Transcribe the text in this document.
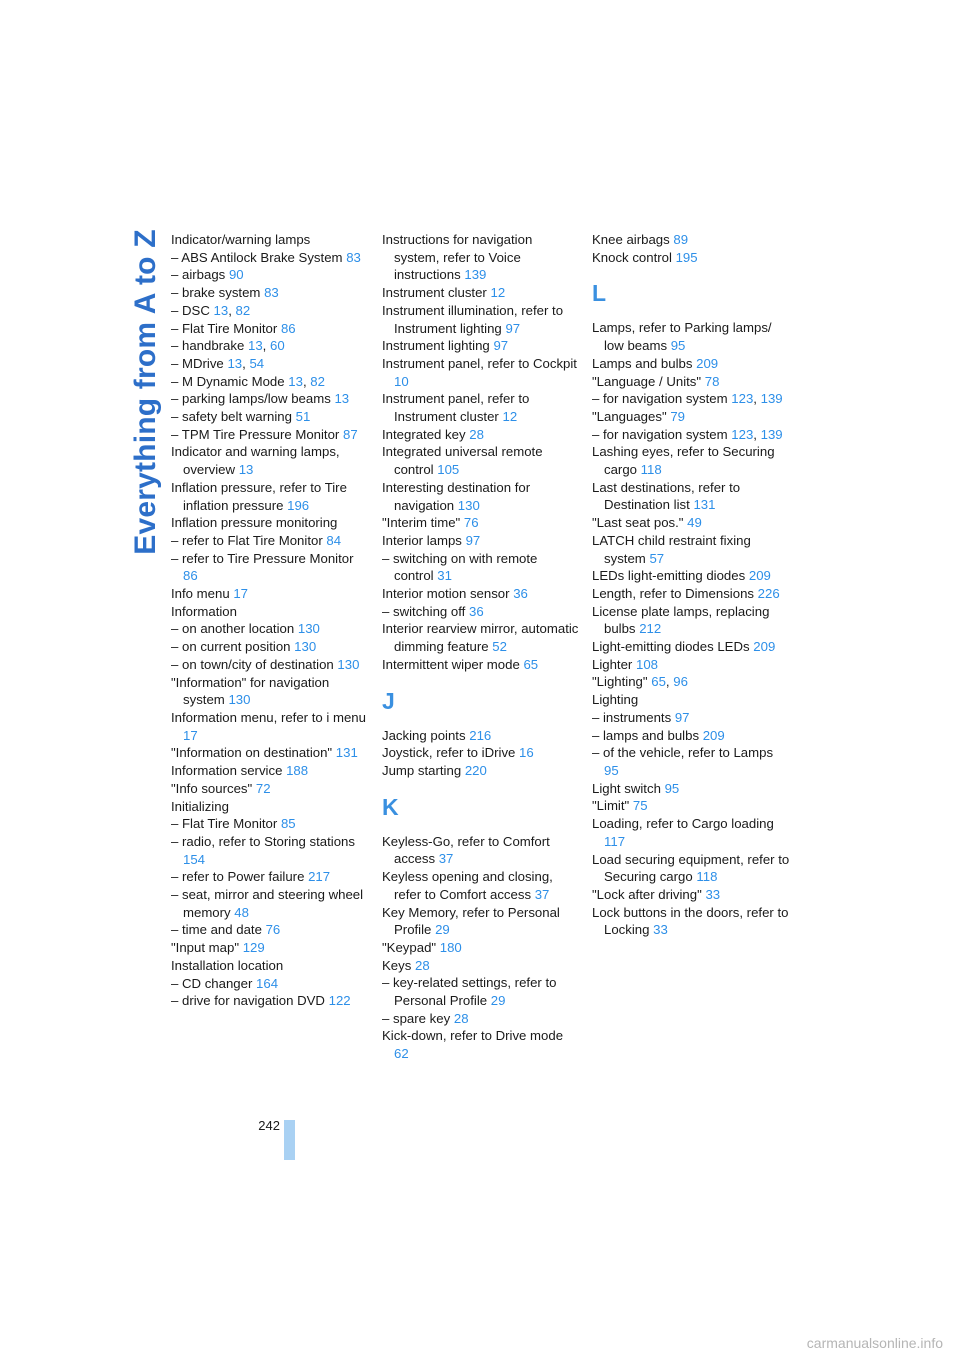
Everything from A to Z Indicator/warning lamps
– ABS Antilock Brake System 83
– airbags 90
– brake system 83
– DSC 13, 82
– Flat Tire Monitor 86
– handbrake 13, 60
– MDrive 13, 54
– M Dynamic Mode 13, 82
– parking lamps/low beams 13
– safety belt warning 51
– TPM Tire Pressure Monitor 87
Indicator and warning lamps, overview 13
Inflation pressure, refer to Tire inflation pressure 196
Inflation pressure monitoring
– refer to Flat Tire Monitor 84
– refer to Tire Pressure Monitor 86
Info menu 17
Information
– on another location 130
– on current position 130
– on town/city of destination 130
"Information" for navigation system 130
Information menu, refer to i menu 17
"Information on destination" 131
Information service 188
"Info sources" 72
Initializing
– Flat Tire Monitor 85
– radio, refer to Storing stations 154
– refer to Power failure 217
– seat, mirror and steering wheel memory 48
– time and date 76
"Input map" 129
Installation location
– CD changer 164
– drive for navigation DVD 122
Instructions for navigation system, refer to Voice instructions 139
Instrument cluster 12
Instrument illumination, refer to Instrument lighting 97
Instrument lighting 97
Instrument panel, refer to Cockpit 10
Instrument panel, refer to Instrument cluster 12
Integrated key 28
Integrated universal remote control 105
Interesting destination for navigation 130
"Interim time" 76
Interior lamps 97
– switching on with remote control 31
Interior motion sensor 36
– switching off 36
Interior rearview mirror, automatic dimming feature 52
Intermittent wiper mode 65
J
Jacking points 216
Joystick, refer to iDrive 16
Jump starting 220
K
Keyless-Go, refer to Comfort access 37
Keyless opening and closing, refer to Comfort access 37
Key Memory, refer to Personal Profile 29
"Keypad" 180
Keys 28
– key-related settings, refer to Personal Profile 29
– spare key 28
Kick-down, refer to Drive mode 62
Knee airbags 89
Knock control 195
L
Lamps, refer to Parking lamps/ low beams 95
Lamps and bulbs 209
"Language / Units" 78
– for navigation system 123, 139
"Languages" 79
– for navigation system 123, 139
Lashing eyes, refer to Securing cargo 118
Last destinations, refer to Destination list 131
"Last seat pos." 49
LATCH child restraint fixing system 57
LEDs light-emitting diodes 209
Length, refer to Dimensions 226
License plate lamps, replacing bulbs 212
Light-emitting diodes LEDs 209
Lighter 108
"Lighting" 65, 96
Lighting
– instruments 97
– lamps and bulbs 209
– of the vehicle, refer to Lamps 95
Light switch 95
"Limit" 75
Loading, refer to Cargo loading 117
Load securing equipment, refer to Securing cargo 118
"Lock after driving" 33
Lock buttons in the doors, refer to Locking 33
242
carmanualsonline.info
